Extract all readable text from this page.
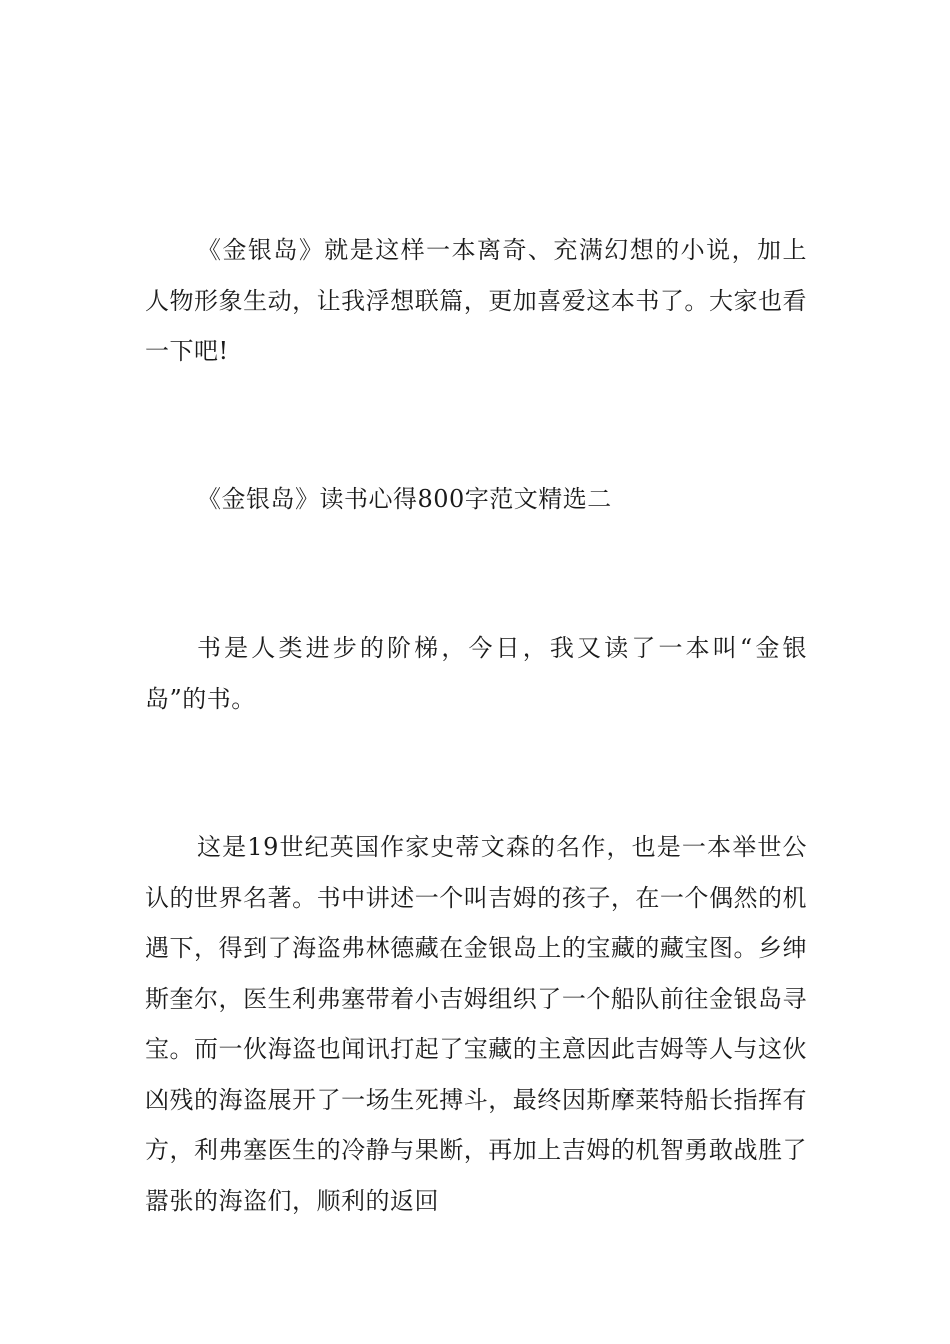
《金银岛》就是这样一本离奇、充满幻想的小说，加上人物形象生动，让我浮想联篇，更加喜爱这本书了。大家也看一下吧!

《金银岛》读书心得800字范文精选二

书是人类进步的阶梯，今日，我又读了一本叫“金银岛”的书。

这是19世纪英国作家史蒂文森的名作，也是一本举世公认的世界名著。书中讲述一个叫吉姆的孩子，在一个偶然的机遇下，得到了海盗弗林德藏在金银岛上的宝藏的藏宝图。乡绅斯奎尔，医生利弗塞带着小吉姆组织了一个船队前往金银岛寻宝。而一伙海盗也闻讯打起了宝藏的主意因此吉姆等人与这伙凶残的海盗展开了一场生死搏斗，最终因斯摩莱特船长指挥有方，利弗塞医生的冷静与果断，再加上吉姆的机智勇敢战胜了嚣张的海盗们，顺利的返回
